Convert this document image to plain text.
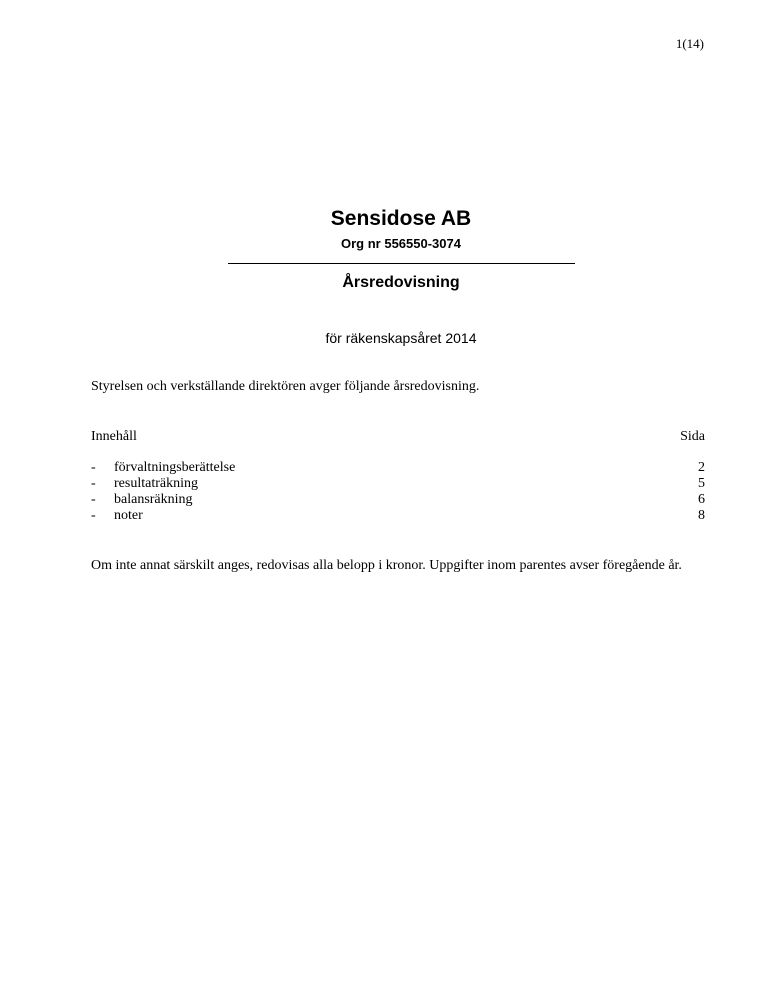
1(14)
Sensidose AB
Org nr 556550-3074
Årsredovisning
för räkenskapsåret 2014
Styrelsen och verkställande direktören avger följande årsredovisning.
Innehåll	Sida
- förvaltningsberättelse	2
- resultaträkning	5
- balansräkning	6
- noter	8
Om inte annat särskilt anges, redovisas alla belopp i kronor. Uppgifter inom parentes avser föregående år.
